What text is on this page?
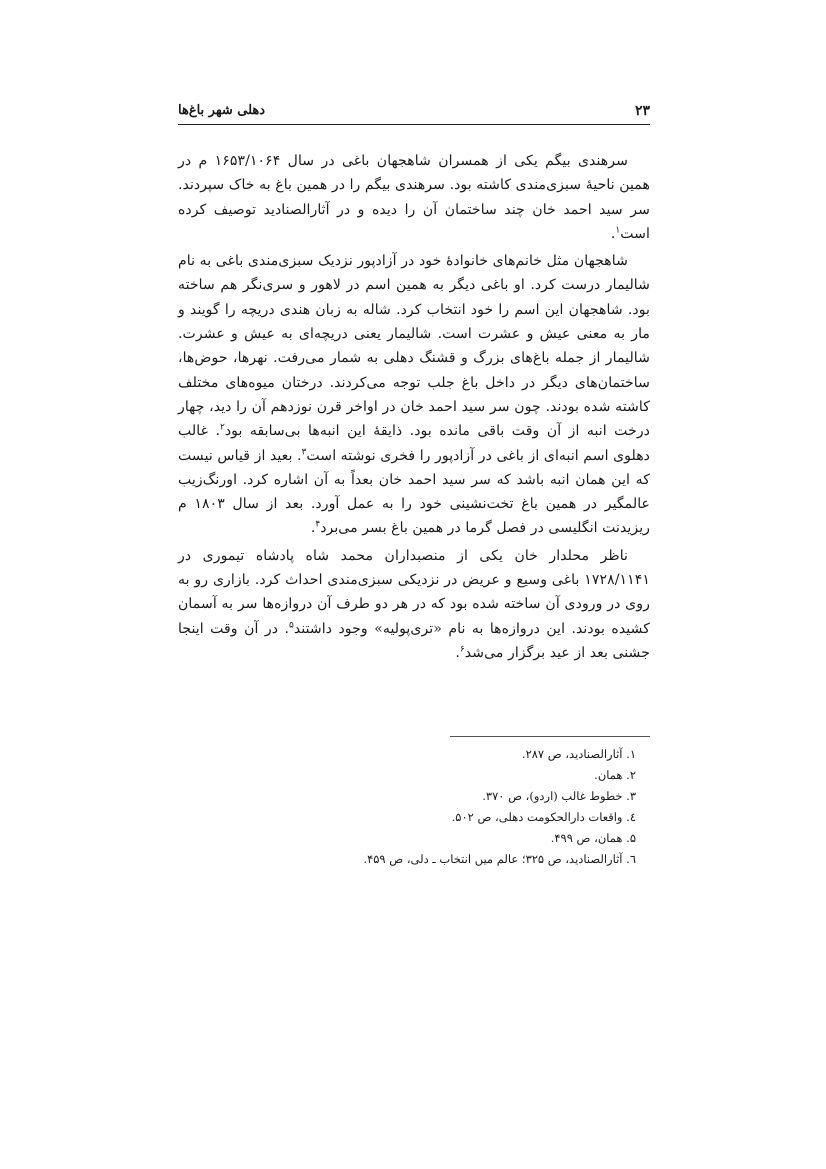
۲۳
دهلی شهر باغ‌ها

سرهندی بیگم یکی از همسران شاهجهان باغی در سال ۱۶۵۳/۱۰۶۴ م در همین ناحیهٔ سبزی‌مندی کاشته بود. سرهندی بیگم را در همین باغ به خاک سپردند. سر سید احمد خان چند ساختمان آن را دیده و در آثارالصنادید توصیف کرده است$^۱$.

شاهجهان مثل خانم‌های خانوادهٔ خود در آزادپور نزدیک سبزی‌مندی باغی به نام شالیمار درست کرد. او باغی دیگر به همین اسم در لاهور و سری‌نگر هم ساخته بود. شاهجهان این اسم را خود انتخاب کرد. شاله به زبان هندی دریچه را گویند و مار به معنی عیش و عشرت است. شالیمار یعنی دریچه‌ای به عیش و عشرت. شالیمار از جمله باغ‌های بزرگ و قشنگ دهلی به شمار می‌رفت. نهرها، حوض‌ها، ساختمان‌های دیگر در داخل باغ جلب توجه می‌کردند. درختان میوه‌های مختلف کاشته شده بودند. چون سر سید احمد خان در اواخر قرن نوزدهم آن را دید، چهار درخت انبه از آن وقت باقی مانده بود. ذایقهٔ این انبه‌ها بی‌سابقه بود$^۲$. غالب دهلوی اسم انبه‌ای از باغی در آزادپور را فخری نوشته است$^۳$. بعید از قیاس نیست که این همان انبه باشد که سر سید احمد خان بعداً به آن اشاره کرد. اورنگ‌زیب عالمگیر در همین باغ تخت‌نشینی خود را به عمل آورد. بعد از سال ۱۸۰۳ م ریزیدنت انگلیسی در فصل گرما در همین باغ بسر می‌برد$^۴$.

ناظر محلدار خان یکی از منصبداران محمد شاه پادشاه تیموری در ۱۷۲۸/۱۱۴۱ باغی وسیع و عریض در نزدیکی سبزی‌مندی احداث کرد. بازاری رو به روی در ورودی آن ساخته شده بود که در هر دو طرف آن دروازه‌ها سر به آسمان کشیده بودند. این دروازه‌ها به نام «تری‌پولیه» وجود داشتند$^۵$. در آن وقت اینجا جشنی بعد از عید برگزار می‌شد$^۶$.

۱. آثارالصنادید، ص ۲۸۷.
۲. همان.
۳. خطوط غالب (اردو)، ص ۳۷۰.
٤. واقعات دارالحکومت دهلی، ص ۵۰۲.
۵. همان، ص ۴۹۹.
٦. آثارالصنادید، ص ۳۲۵؛ عالم میں انتخاب ـ دلی، ص ۴۵۹.
